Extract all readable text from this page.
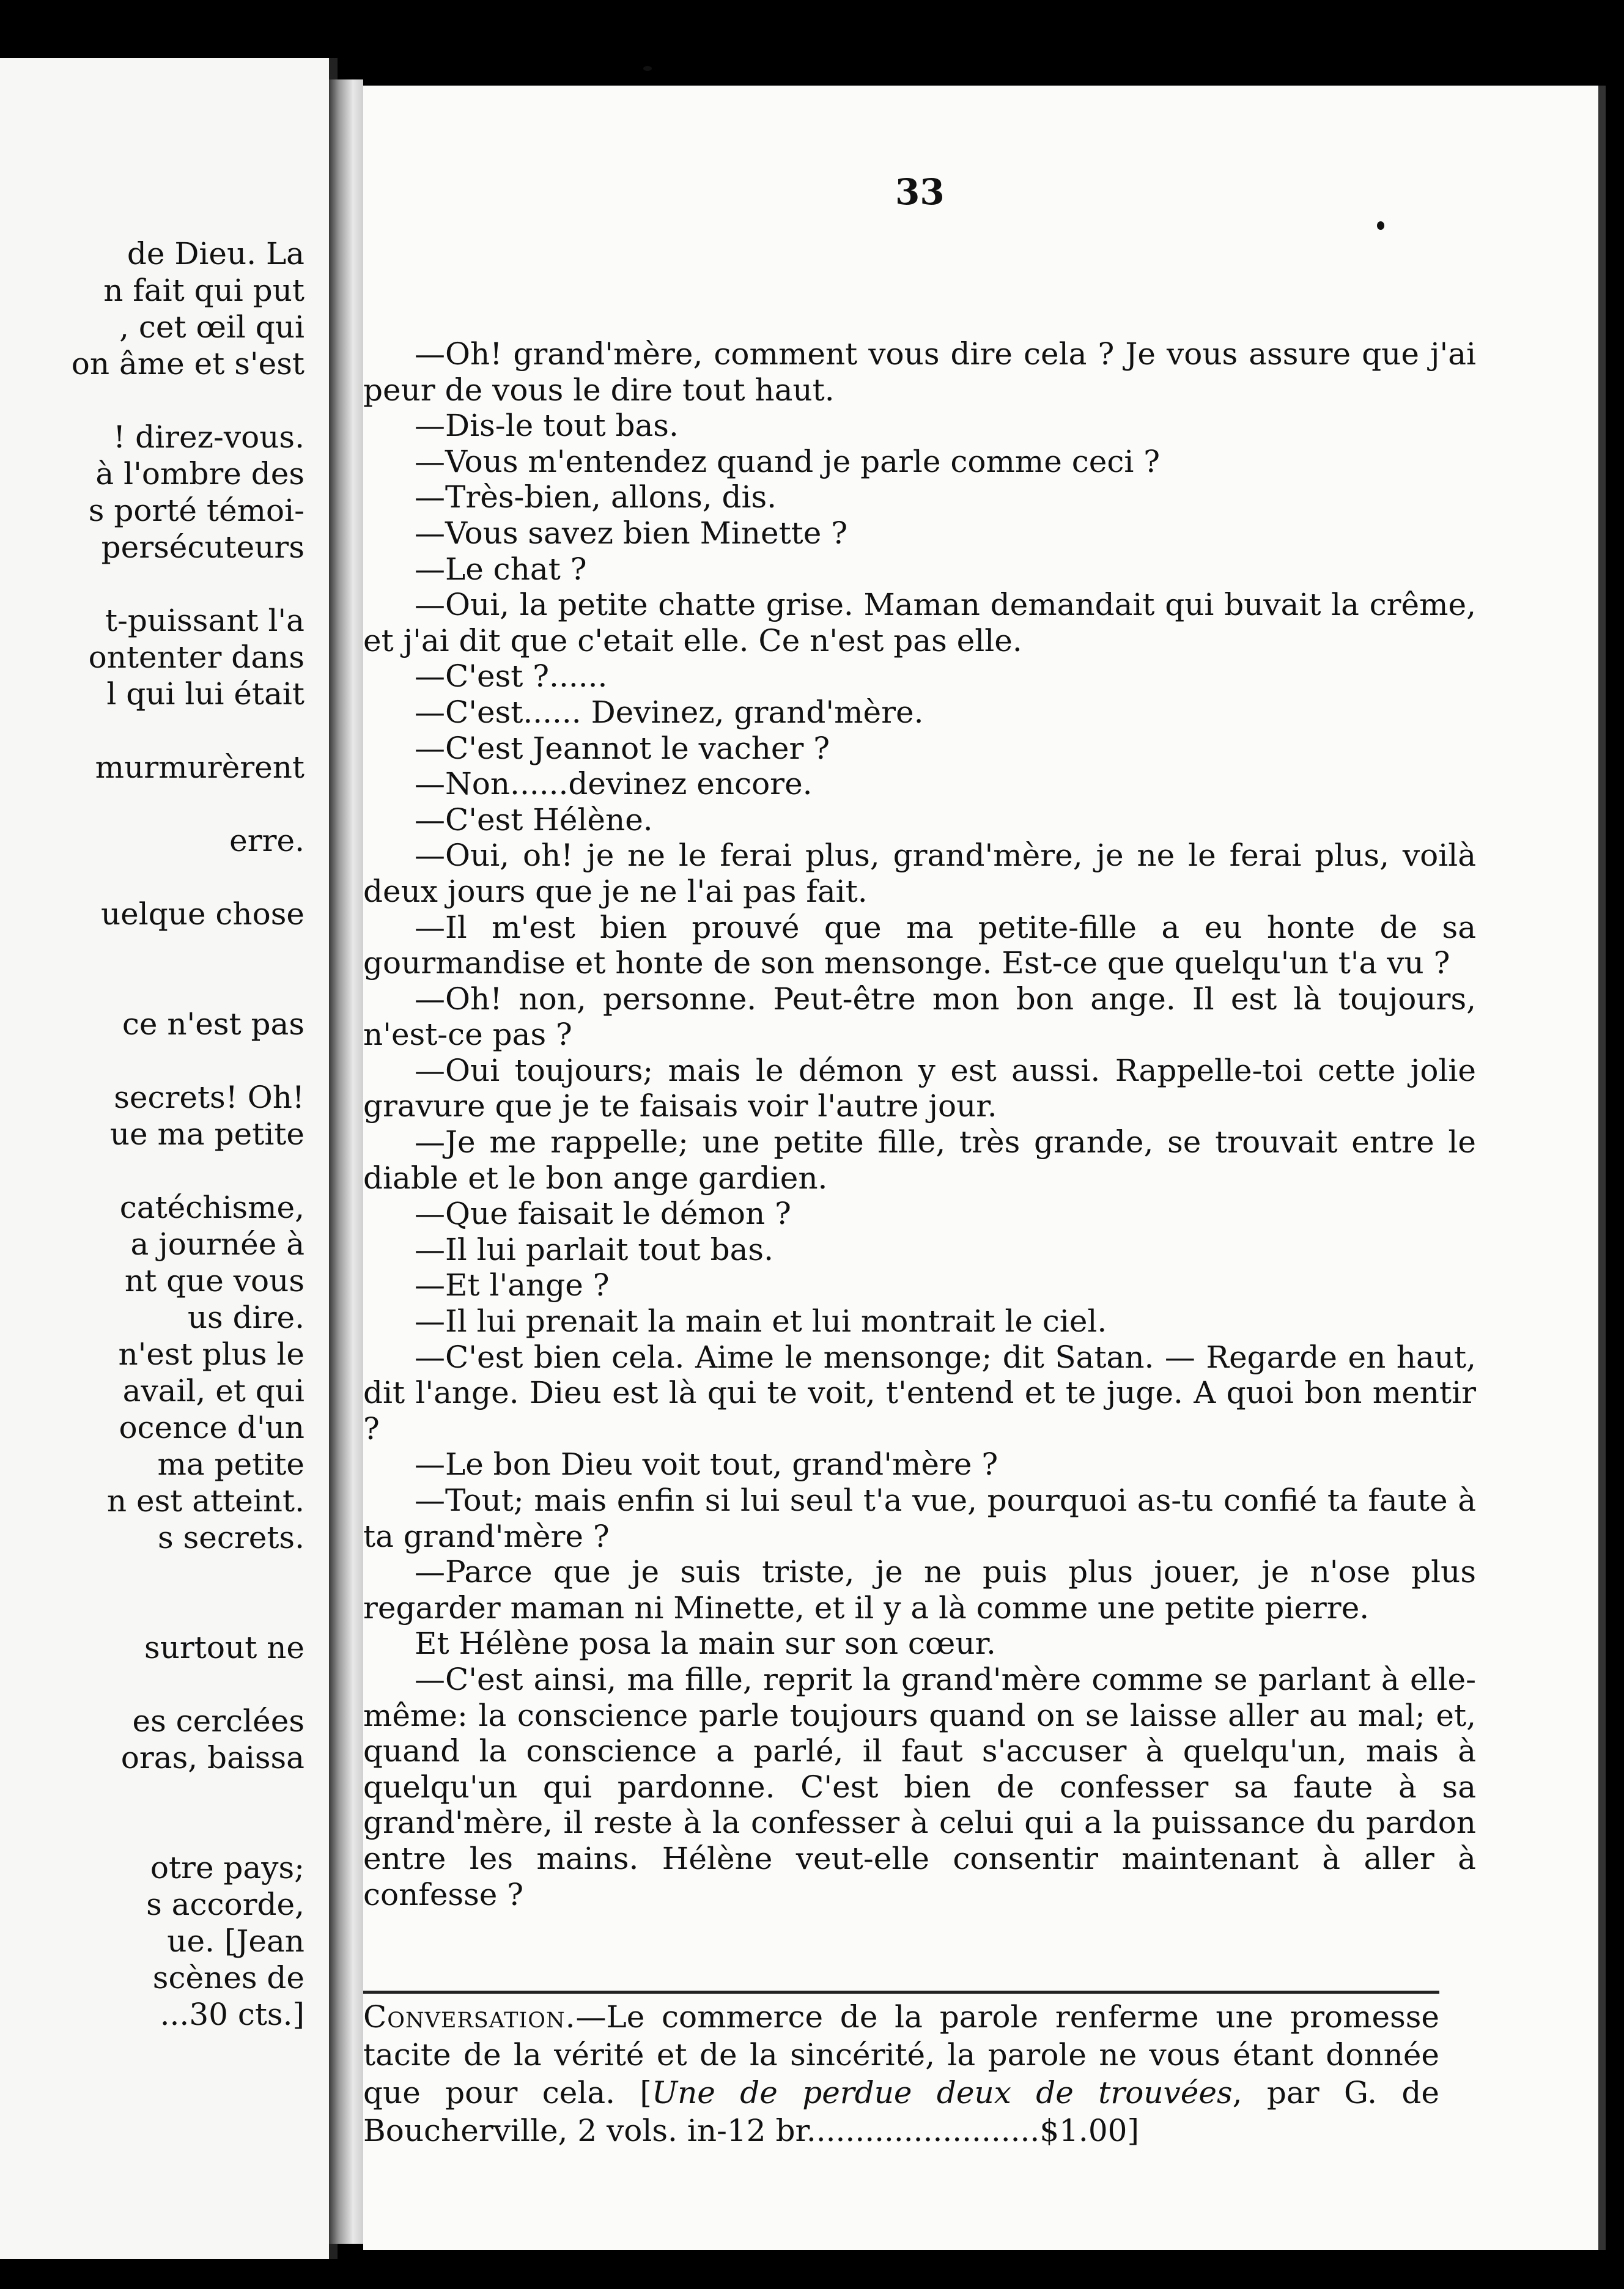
de Dieu. La
n fait qui put
, cet œil qui
on âme et s'est
! direz-vous.
à l'ombre des
s porté témoi-
persécuteurs
t-puissant l'a
ontenter dans
l qui lui était
murmurèrent
erre.
uelque chose
ce n'est pas
secrets! Oh!
ue ma petite
catéchisme,
a journée à
nt que vous
us dire.
n'est plus le
avail, et qui
ocence d'un
ma petite
n est atteint.
s secrets.
surtout ne
es cerclées
oras, baissa
otre pays;
s accorde,
ue. [Jean
scènes de
...30 cts.]
33

—Oh! grand'mère, comment vous dire cela ? Je vous assure que j'ai peur de vous le dire tout haut.

—Dis-le tout bas.

—Vous m'entendez quand je parle comme ceci ?

—Très-bien, allons, dis.

—Vous savez bien Minette ?

—Le chat ?

—Oui, la petite chatte grise. Maman demandait qui buvait la crême, et j'ai dit que c'etait elle. Ce n'est pas elle.

—C'est ?......

—C'est...... Devinez, grand'mère.

—C'est Jeannot le vacher ?

—Non......devinez encore.

—C'est Hélène.

—Oui, oh! je ne le ferai plus, grand'mère, je ne le ferai plus, voilà deux jours que je ne l'ai pas fait.

—Il m'est bien prouvé que ma petite-fille a eu honte de sa gourmandise et honte de son mensonge. Est-ce que quelqu'un t'a vu ?

—Oh! non, personne. Peut-être mon bon ange. Il est là toujours, n'est-ce pas ?

—Oui toujours; mais le démon y est aussi. Rappelle-toi cette jolie gravure que je te faisais voir l'autre jour.

—Je me rappelle; une petite fille, très grande, se trouvait entre le diable et le bon ange gardien.

—Que faisait le démon ?

—Il lui parlait tout bas.

—Et l'ange ?

—Il lui prenait la main et lui montrait le ciel.

—C'est bien cela. Aime le mensonge; dit Satan. — Regarde en haut, dit l'ange. Dieu est là qui te voit, t'entend et te juge. A quoi bon mentir ?

—Le bon Dieu voit tout, grand'mère ?

—Tout; mais enfin si lui seul t'a vue, pourquoi as-tu confié ta faute à ta grand'mère ?

—Parce que je suis triste, je ne puis plus jouer, je n'ose plus regarder maman ni Minette, et il y a là comme une petite pierre.

Et Hélène posa la main sur son cœur.

—C'est ainsi, ma fille, reprit la grand'mère comme se parlant à elle-même: la conscience parle toujours quand on se laisse aller au mal; et, quand la conscience a parlé, il faut s'accuser à quelqu'un, mais à quelqu'un qui pardonne. C'est bien de confesser sa faute à sa grand'mère, il reste à la confesser à celui qui a la puissance du pardon entre les mains. Hélène veut-elle consentir maintenant à aller à confesse ?

Conversation.—Le commerce de la parole renferme une promesse tacite de la vérité et de la sincérité, la parole ne vous étant donnée que pour cela. [Une de perdue deux de trouvées, par G. de Boucherville, 2 vols. in-12 br........................$1.00]
